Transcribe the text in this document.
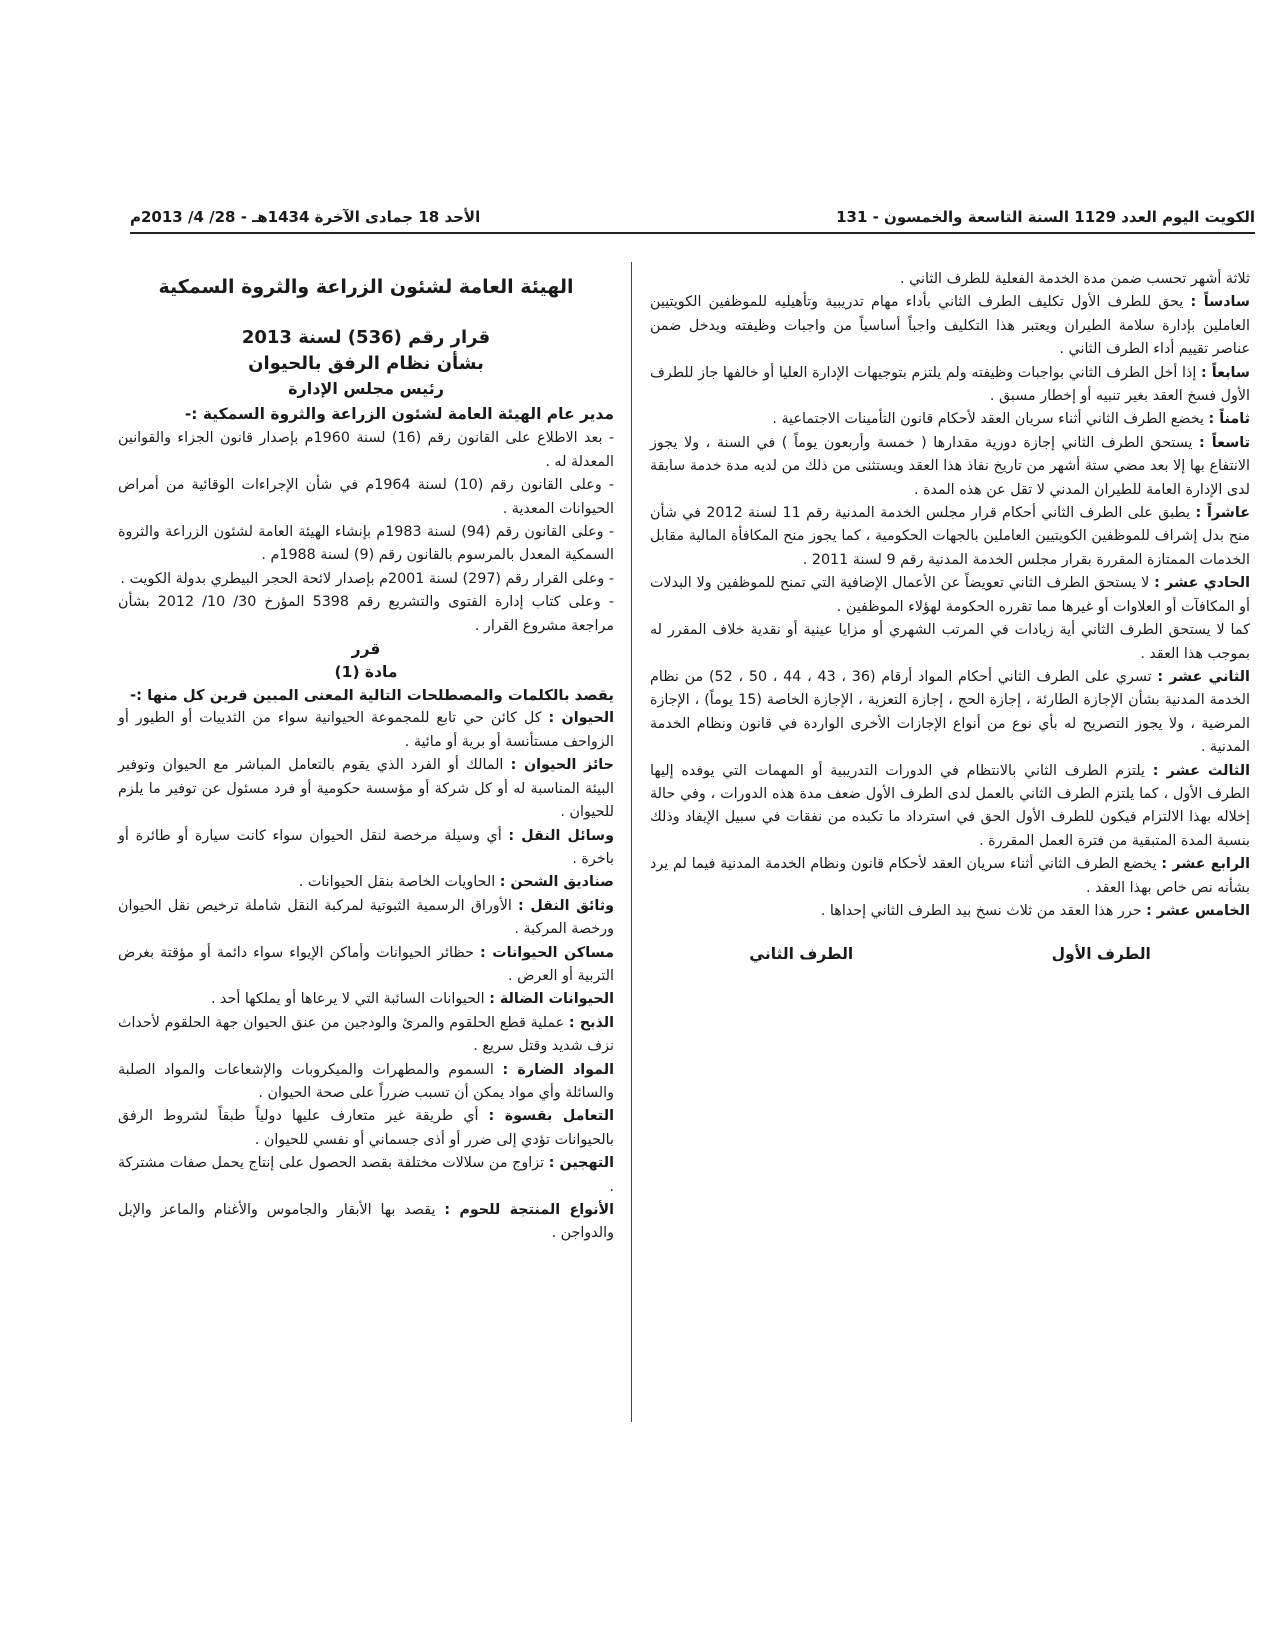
الكويت اليوم العدد 1129 السنة التاسعة والخمسون - 131
الأحد 18 جمادى الآخرة 1434هـ - 28/ 4/ 2013م

ثلاثة أشهر تحسب ضمن مدة الخدمة الفعلية للطرف الثاني .

سادساً : يحق للطرف الأول تكليف الطرف الثاني بأداء مهام تدريبية وتأهيليه للموظفين الكويتيين العاملين بإدارة سلامة الطيران ويعتبر هذا التكليف واجباً أساسياً من واجبات وظيفته ويدخل ضمن عناصر تقييم أداء الطرف الثاني .

سابعاً : إذا أخل الطرف الثاني بواجبات وظيفته ولم يلتزم بتوجيهات الإدارة العليا أو خالفها جاز للطرف الأول فسخ العقد بغير تنبيه أو إخطار مسبق .

ثامناً : يخضع الطرف الثاني أثناء سريان العقد لأحكام قانون التأمينات الاجتماعية .

تاسعاً : يستحق الطرف الثاني إجازة دورية مقدارها ( خمسة وأربعون يوماً ) في السنة ، ولا يجوز الانتفاع بها إلا بعد مضي ستة أشهر من تاريخ نفاذ هذا العقد ويستثنى من ذلك من لديه مدة خدمة سابقة لدى الإدارة العامة للطيران المدني لا تقل عن هذه المدة .

عاشراً : يطبق على الطرف الثاني أحكام قرار مجلس الخدمة المدنية رقم 11 لسنة 2012 في شأن منح بدل إشراف للموظفين الكويتيين العاملين بالجهات الحكومية ، كما يجوز منح المكافأة المالية مقابل الخدمات الممتازة المقررة بقرار مجلس الخدمة المدنية رقم 9 لسنة 2011 .

الحادي عشر : لا يستحق الطرف الثاني تعويضاً عن الأعمال الإضافية التي تمنح للموظفين ولا البدلات أو المكافآت أو العلاوات أو غيرها مما تقرره الحكومة لهؤلاء الموظفين .

كما لا يستحق الطرف الثاني أية زيادات في المرتب الشهري أو مزايا عينية أو نقدية خلاف المقرر له بموجب هذا العقد .

الثاني عشر : تسري على الطرف الثاني أحكام المواد أرقام (36 ، 43 ، 44 ، 50 ، 52) من نظام الخدمة المدنية بشأن الإجازة الطارئة ، إجازة الحج ، إجازة التعزية ، الإجازة الخاصة (15 يوماً) ، الإجازة المرضية ، ولا يجوز التصريح له بأي نوع من أنواع الإجازات الأخرى الواردة في قانون ونظام الخدمة المدنية .

الثالث عشر : يلتزم الطرف الثاني بالانتظام في الدورات التدريبية أو المهمات التي يوفده إليها الطرف الأول ، كما يلتزم الطرف الثاني بالعمل لدى الطرف الأول ضعف مدة هذه الدورات ، وفي حالة إخلاله بهذا الالتزام فيكون للطرف الأول الحق في استرداد ما تكبده من نفقات في سبيل الإيفاد وذلك بنسبة المدة المتبقية من فترة العمل المقررة .

الرابع عشر : يخضع الطرف الثاني أثناء سريان العقد لأحكام قانون ونظام الخدمة المدنية فيما لم يرد بشأنه نص خاص بهذا العقد .

الخامس عشر : حرر هذا العقد من ثلاث نسخ بيد الطرف الثاني إحداها .

الطرف الأول
الطرف الثاني

الهيئة العامة لشئون الزراعة والثروة السمكية

قرار رقم (536) لسنة 2013

بشأن نظام الرفق بالحيوان

رئيس مجلس الإدارة

مدير عام الهيئة العامة لشئون الزراعة والثروة السمكية :-

- بعد الاطلاع على القانون رقم (16) لسنة 1960م بإصدار قانون الجزاء والقوانين المعدلة له .

- وعلى القانون رقم (10) لسنة 1964م في شأن الإجراءات الوقائية من أمراض الحيوانات المعدية .

- وعلى القانون رقم (94) لسنة 1983م بإنشاء الهيئة العامة لشئون الزراعة والثروة السمكية المعدل بالمرسوم بالقانون رقم (9) لسنة 1988م .

- وعلى القرار رقم (297) لسنة 2001م بإصدار لائحة الحجر البيطري بدولة الكويت .

- وعلى كتاب إدارة الفتوى والتشريع رقم 5398 المؤرخ 30/ 10/ 2012 بشأن مراجعة مشروع القرار .

قرر

مادة (1)

يقصد بالكلمات والمصطلحات التالية المعنى المبين قرين كل منها :-

الحيوان : كل كائن حي تابع للمجموعة الحيوانية سواء من الثدييات أو الطيور أو الزواحف مستأنسة أو برية أو مائية .

حائز الحيوان : المالك أو الفرد الذي يقوم بالتعامل المباشر مع الحيوان وتوفير البيئة المناسبة له أو كل شركة أو مؤسسة حكومية أو فرد مسئول عن توفير ما يلزم للحيوان .

وسائل النقل : أي وسيلة مرخصة لنقل الحيوان سواء كانت سيارة أو طائرة أو باخرة .

صناديق الشحن : الحاويات الخاصة بنقل الحيوانات .

وثائق النقل : الأوراق الرسمية الثبوتية لمركبة النقل شاملة ترخيص نقل الحيوان ورخصة المركبة .

مساكن الحيوانات : حظائر الحيوانات وأماكن الإيواء سواء دائمة أو مؤقتة بغرض التربية أو العرض .

الحيوانات الضالة : الحيوانات السائبة التي لا يرعاها أو يملكها أحد .

الذبح : عملية قطع الحلقوم والمرئ والودجين من عنق الحيوان جهة الحلقوم لأحداث نزف شديد وقتل سريع .

المواد الضارة : السموم والمطهرات والميكروبات والإشعاعات والمواد الصلبة والسائلة وأي مواد يمكن أن تسبب ضرراً على صحة الحيوان .

التعامل بقسوة : أي طريقة غير متعارف عليها دولياً طبقاً لشروط الرفق بالحيوانات تؤدي إلى ضرر أو أذى جسماني أو نفسي للحيوان .

التهجين : تزاوج من سلالات مختلفة بقصد الحصول على إنتاج يحمل صفات مشتركة .

الأنواع المنتجة للحوم : يقصد بها الأبقار والجاموس والأغنام والماعز والإبل والدواجن .
